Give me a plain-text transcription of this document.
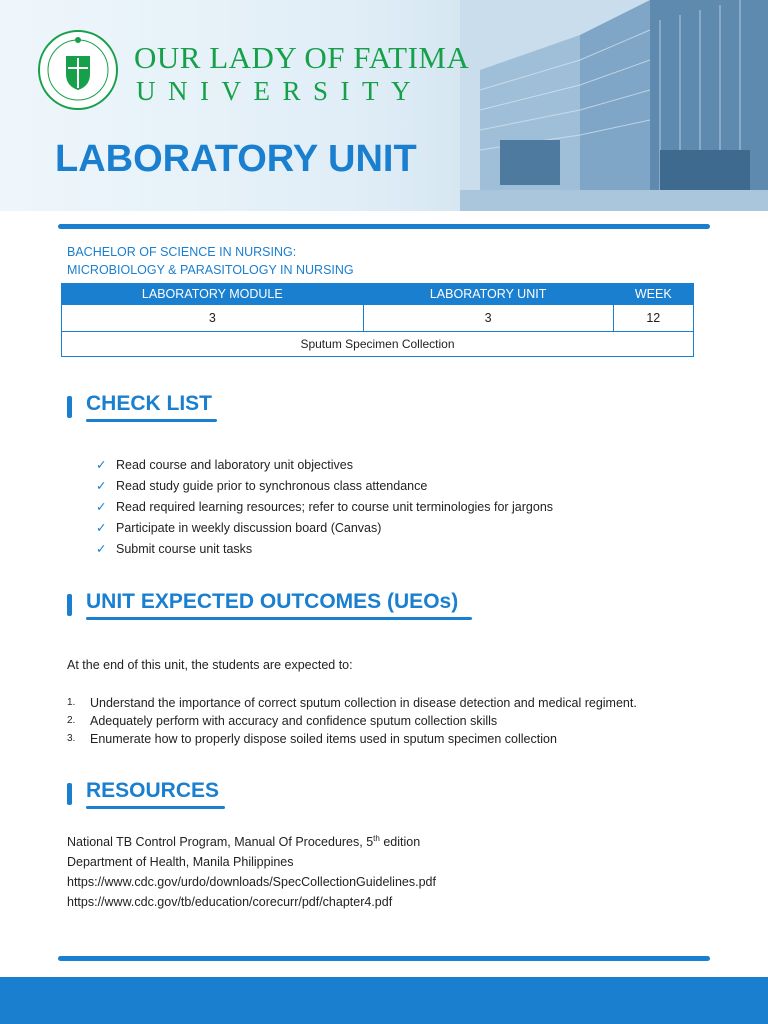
OUR LADY OF FATIMA
UNIVERSITY
LABORATORY UNIT
BACHELOR OF SCIENCE IN NURSING:
MICROBIOLOGY & PARASITOLOGY IN NURSING
LABORATORY MODULE	LABORATORY UNIT	WEEK
3	3	12
Sputum Specimen Collection		
CHECK LIST
✓ Read course and laboratory unit objectives
✓ Read study guide prior to synchronous class attendance
✓ Read required learning resources; refer to course unit terminologies for jargons
✓ Participate in weekly discussion board (Canvas)
✓ Submit course unit tasks
UNIT EXPECTED OUTCOMES (UEOs)
At the end of this unit, the students are expected to:
1.	Understand the importance of correct sputum collection in disease detection and medical regiment.
2.	Adequately perform with accuracy and confidence sputum collection skills
3.	Enumerate how to properly dispose soiled items used in sputum specimen collection
RESOURCES
National TB Control Program, Manual Of Procedures, 5th edition
Department of Health, Manila Philippines
https://www.cdc.gov/urdo/downloads/SpecCollectionGuidelines.pdf
https://www.cdc.gov/tb/education/corecurr/pdf/chapter4.pdf
